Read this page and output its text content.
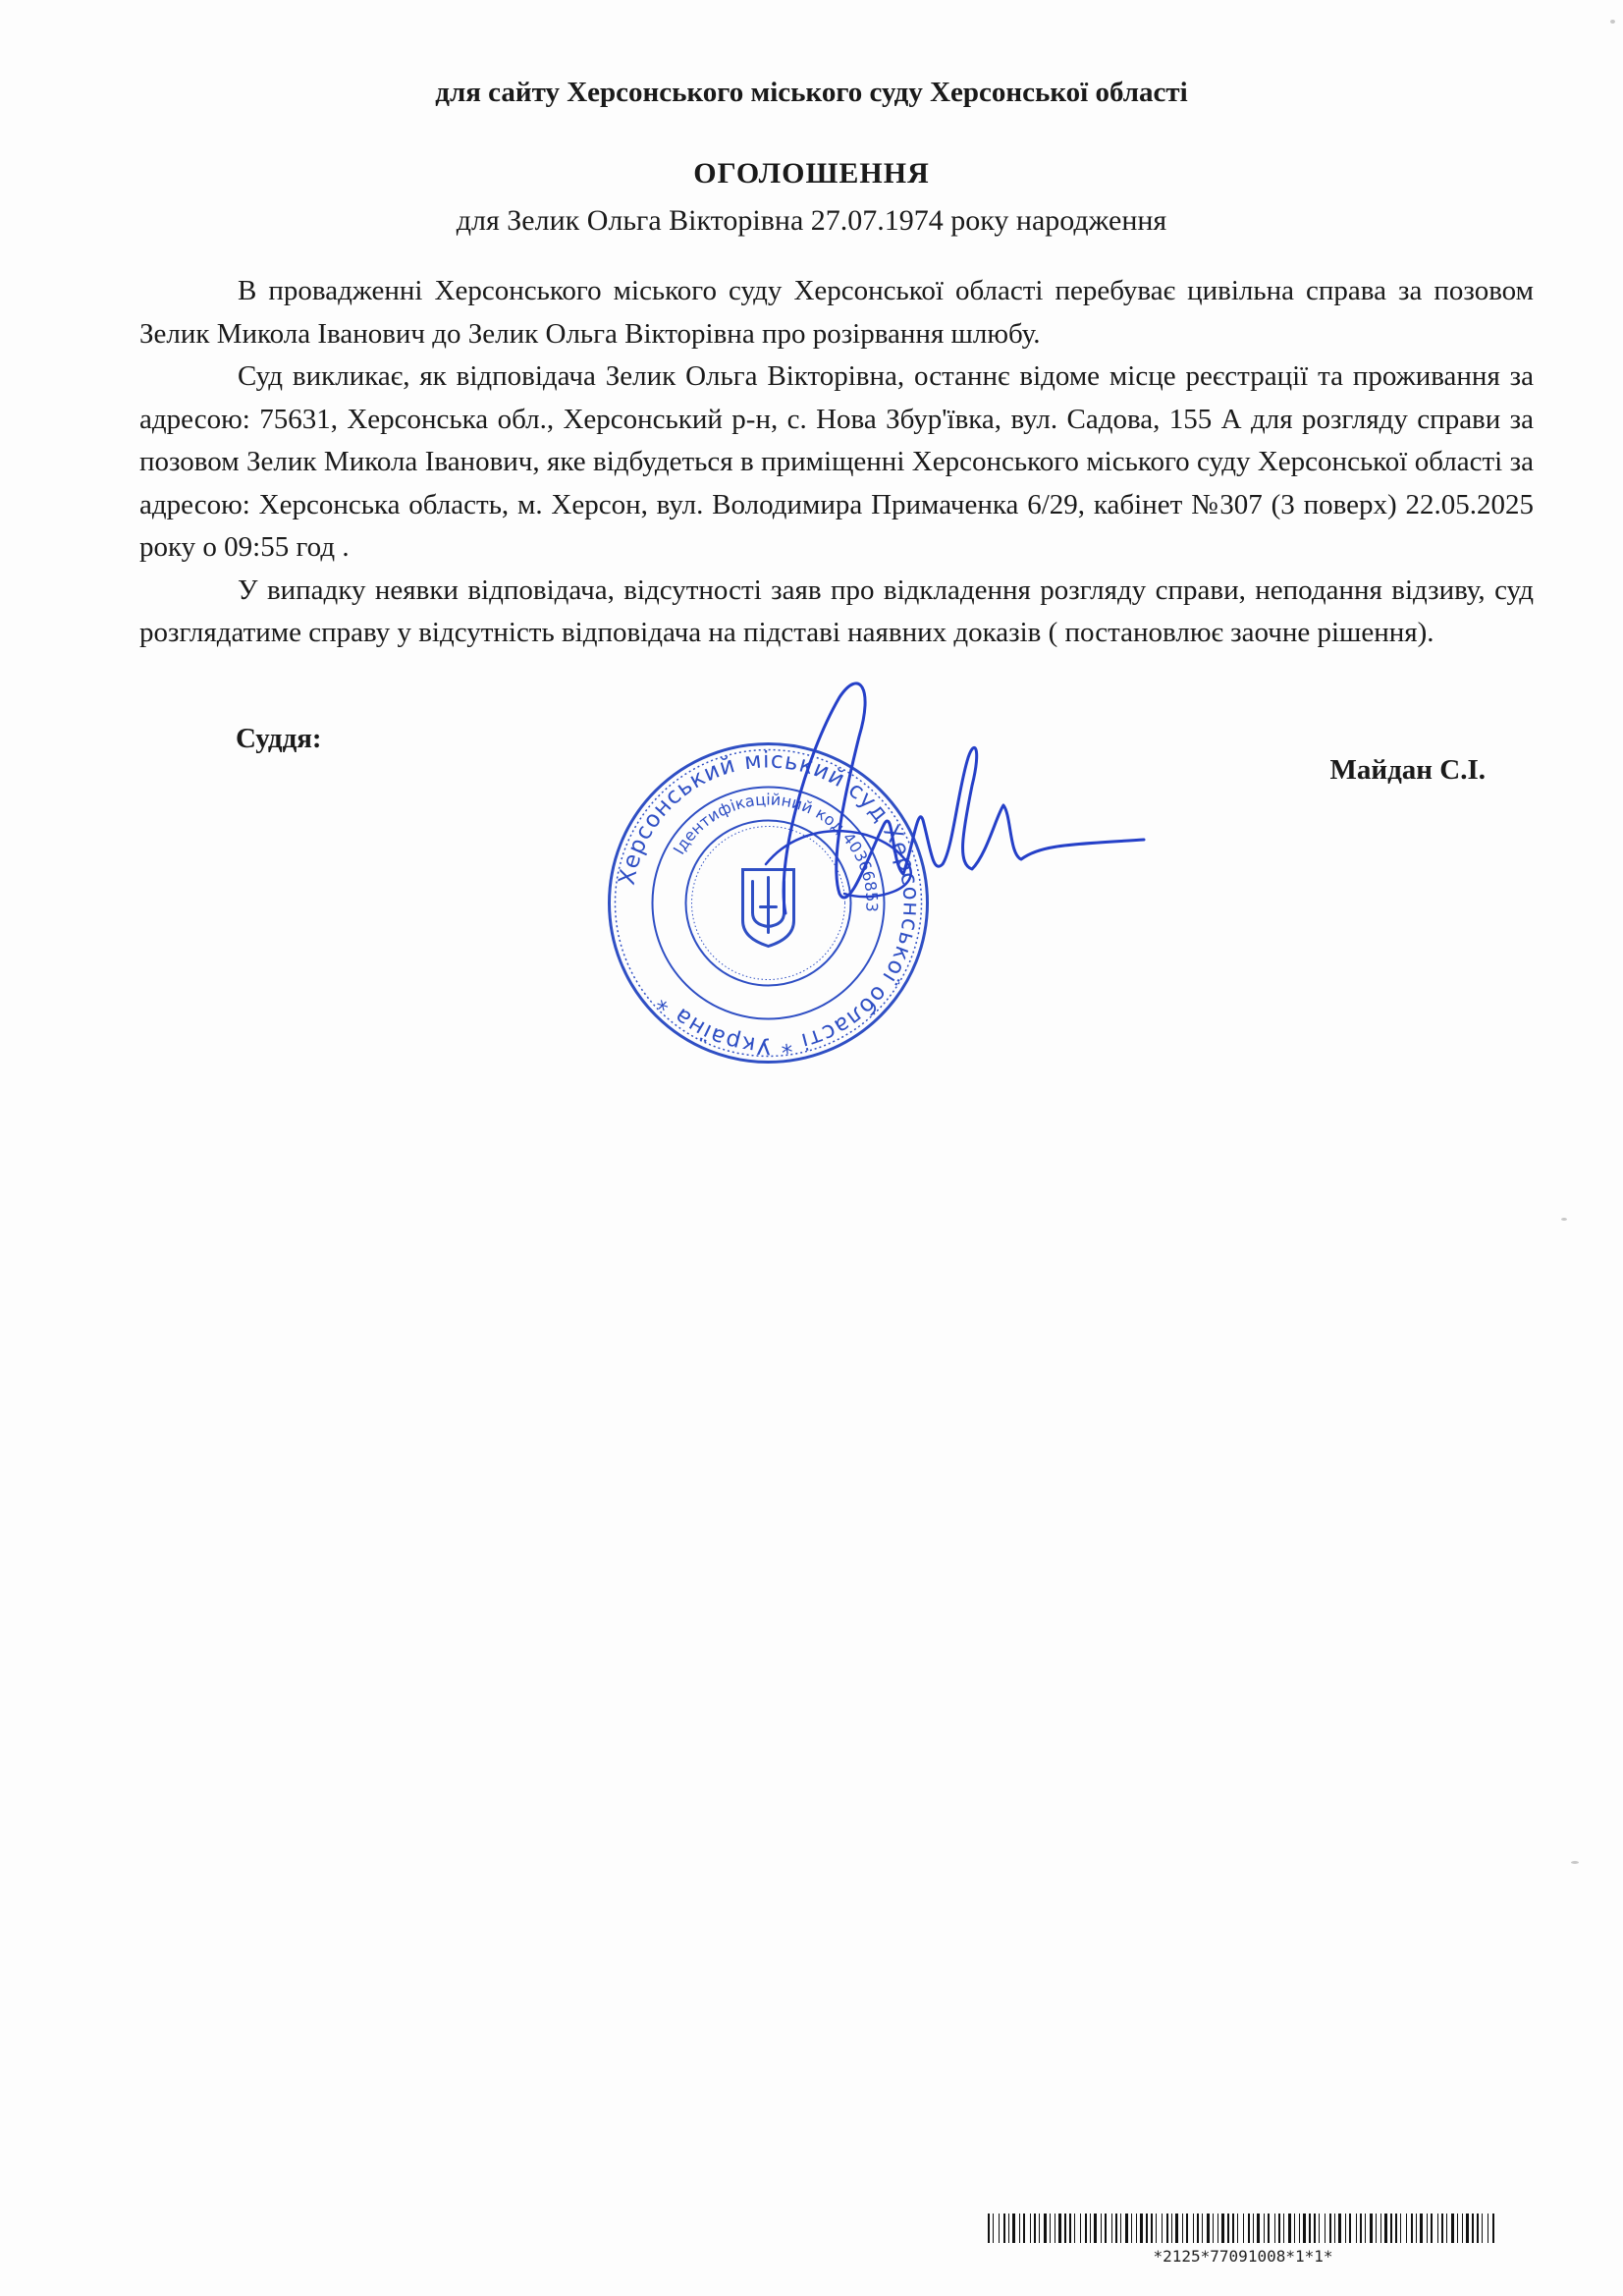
для сайту Херсонського міського суду Херсонської області
ОГОЛОШЕННЯ
для Зелик Ольга Вікторівна 27.07.1974 року народження

В провадженні Херсонського міського суду Херсонської області перебуває цивільна справа за позовом Зелик Микола Іванович до Зелик Ольга Вікторівна про розірвання шлюбу.

Суд викликає, як відповідача Зелик Ольга Вікторівна, останнє відоме місце реєстрації та проживання за адресою: 75631, Херсонська обл., Херсонський р-н, с. Нова Збур'ївка, вул. Садова, 155 А для розгляду справи за позовом Зелик Микола Іванович, яке відбудеться в приміщенні Херсонського міського суду Херсонської області за адресою: Херсонська область, м. Херсон, вул. Володимира Примаченка 6/29, кабінет №307 (3 поверх) 22.05.2025 року о 09:55 год .

У випадку неявки відповідача, відсутності заяв про відкладення розгляду справи, неподання відзиву, суд розглядатиме справу у відсутність відповідача на підставі наявних доказів ( постановлює заочне рішення).

Суддя:
Майдан С.І.
Херсонський міський суд Херсонської області * Україна *
Ідентифікаційний код 40366853
*2125*77091008*1*1*
